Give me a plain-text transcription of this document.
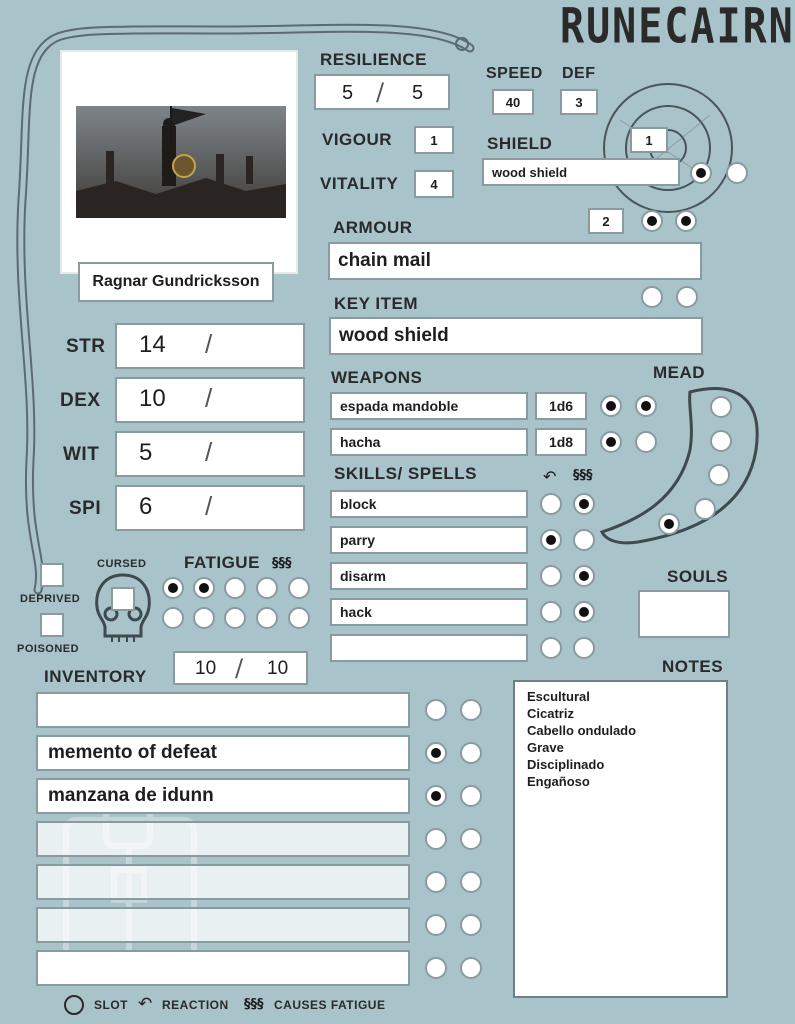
RUNECAIRN
Ragnar Gundricksson
RESILIENCE
5 / 5
VIGOUR	1
VITALITY	4
SPEED
40
DEF
3
SHIELD	1
wood shield
2
ARMOUR
chain mail
KEY ITEM
wood shield
STR 14 /
DEX 10 /
WIT 5 /
SPI 6 /
WEAPONS
espada mandoble	1d6
hacha	1d8
MEAD
SKILLS/ SPELLS	↶ §§§
block
parry
disarm
hack
DEPRIVED
POISONED
CURSED FATIGUE §§§
SOULS
INVENTORY	10 / 10
memento of defeat
manzana de idunn
NOTES
Escultural
Cicatriz
Cabello ondulado
Grave
Disciplinado
Engañoso
SLOT ↶ REACTION §§§ CAUSES FATIGUE
